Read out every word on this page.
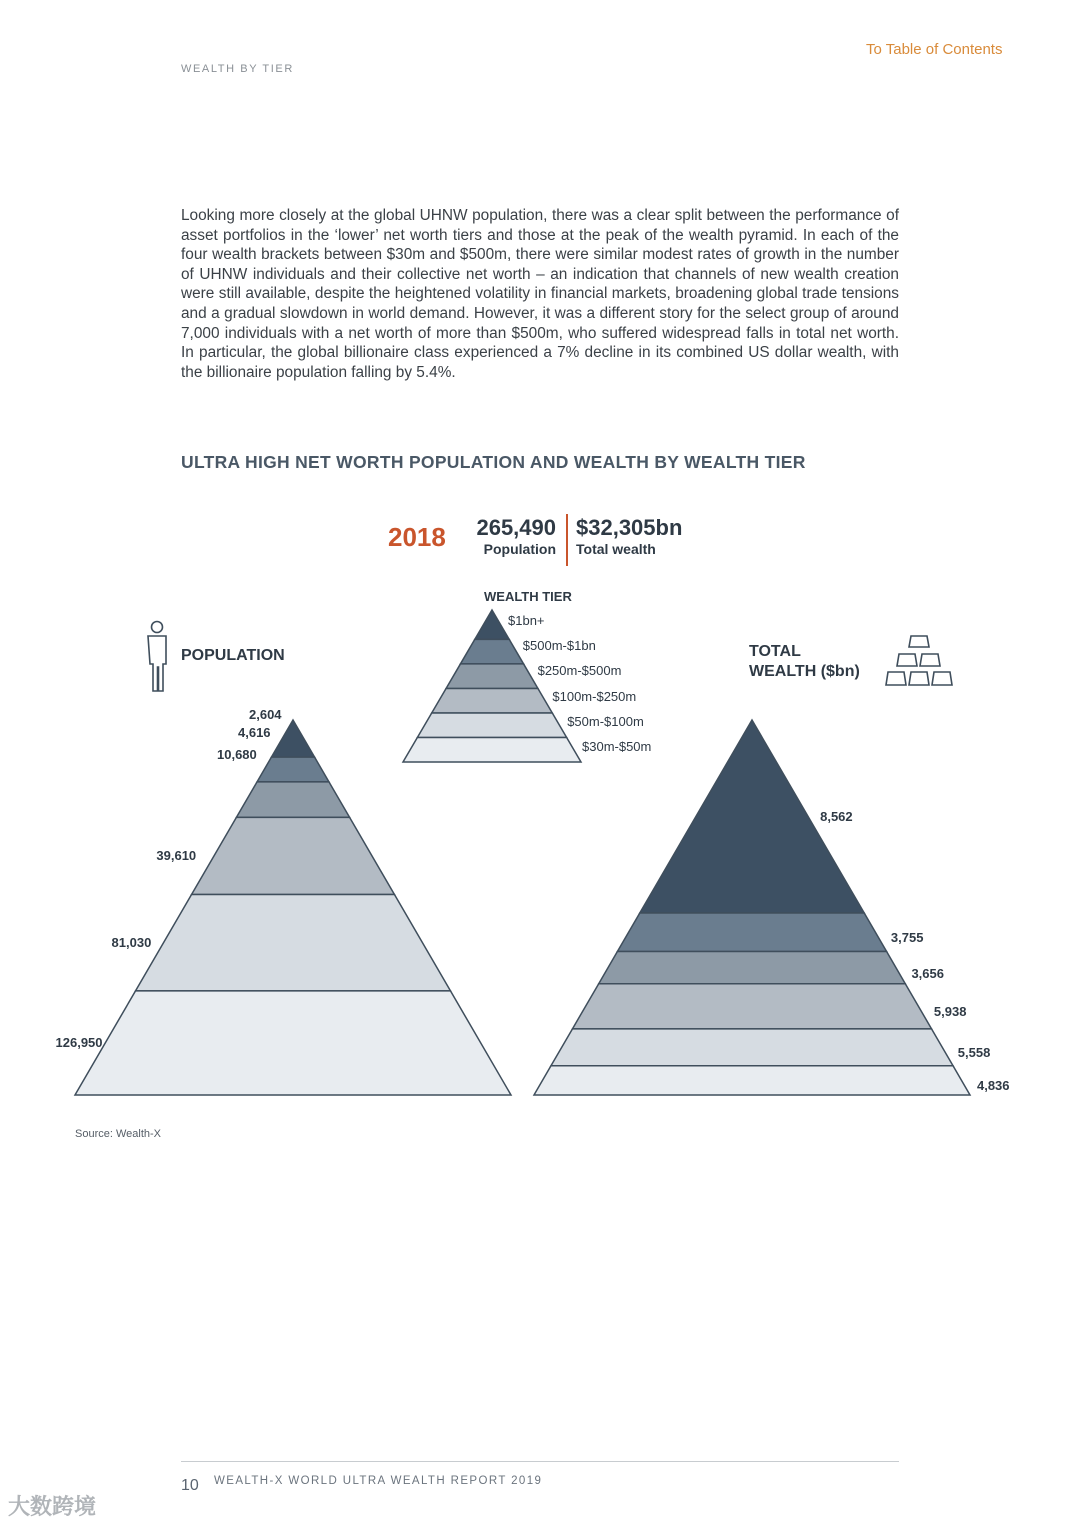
WEALTH BY TIER
To Table of Contents
Looking more closely at the global UHNW population, there was a clear split between the performance of asset portfolios in the ‘lower’ net worth tiers and those at the peak of the wealth pyramid. In each of the four wealth brackets between $30m and $500m, there were similar modest rates of growth in the number of UHNW individuals and their collective net worth – an indication that channels of new wealth creation were still available, despite the heightened volatility in financial markets, broadening global trade tensions and a gradual slowdown in world demand. However, it was a different story for the select group of around 7,000 individuals with a net worth of more than $500m, who suffered widespread falls in total net worth. In particular, the global billionaire class experienced a 7% decline in its combined US dollar wealth, with the billionaire population falling by 5.4%.
ULTRA HIGH NET WORTH POPULATION AND WEALTH BY WEALTH TIER
2018	265,490
Population
$32,305bn
Total wealth
POPULATION	TOTAL
WEALTH ($bn)
WEALTH TIER
$1bn+
$500m-$1bn
$250m-$500m
$100m-$250m
$50m-$100m
$30m-$50m
2,604
4,616
10,680
39,610
81,030
126,950
8,562
3,755
3,656
5,938
5,558
4,836
Source: Wealth-X
10 WEALTH-X WORLD ULTRA WEALTH REPORT 2019
大数跨境
